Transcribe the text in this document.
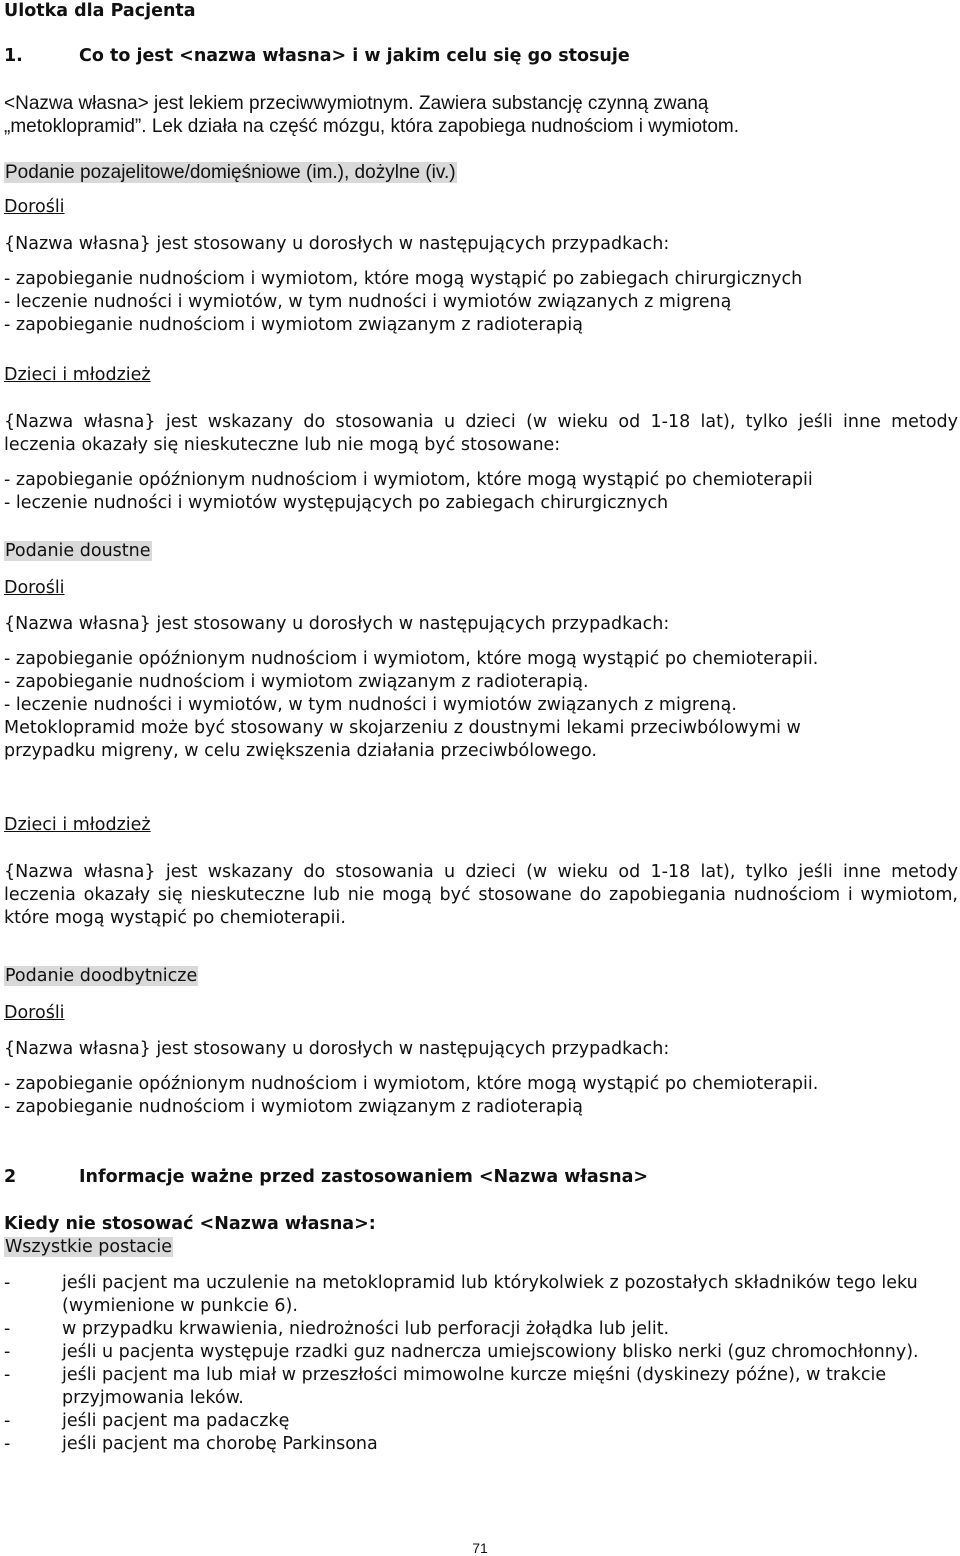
Ulotka dla Pacjenta
1.	Co to jest <nazwa własna> i w jakim celu się go stosuje
<Nazwa własna> jest lekiem przeciwwymiotnym. Zawiera substancję czynną zwaną
„metoklopramid”. Lek działa na część mózgu, która zapobiega nudnościom i wymiotom.
Podanie pozajelitowe/domięśniowe (im.), dożylne (iv.)
Dorośli
{Nazwa własna} jest stosowany u dorosłych w następujących przypadkach:
- zapobieganie nudnościom i wymiotom, które mogą wystąpić po zabiegach chirurgicznych
- leczenie nudności i wymiotów, w tym nudności i wymiotów związanych z migreną
- zapobieganie nudnościom i wymiotom związanym z radioterapią
Dzieci i młodzież
{Nazwa własna} jest wskazany do stosowania u dzieci (w wieku od 1-18 lat), tylko jeśli inne metody leczenia okazały się nieskuteczne lub nie mogą być stosowane:
- zapobieganie opóźnionym nudnościom i wymiotom, które mogą wystąpić po chemioterapii
- leczenie nudności i wymiotów występujących po zabiegach chirurgicznych
Podanie doustne
Dorośli
{Nazwa własna} jest stosowany u dorosłych w następujących przypadkach:
- zapobieganie opóźnionym nudnościom i wymiotom, które mogą wystąpić po chemioterapii.
- zapobieganie nudnościom i wymiotom związanym z radioterapią.
- leczenie nudności i wymiotów, w tym nudności i wymiotów związanych z migreną.
Metoklopramid może być stosowany w skojarzeniu z doustnymi lekami przeciwbólowymi w
przypadku migreny, w celu zwiększenia działania przeciwbólowego.
Dzieci i młodzież
{Nazwa własna} jest wskazany do stosowania u dzieci (w wieku od 1-18 lat), tylko jeśli inne metody leczenia okazały się nieskuteczne lub nie mogą być stosowane do zapobiegania nudnościom i wymiotom, które mogą wystąpić po chemioterapii.
Podanie doodbytnicze
Dorośli
{Nazwa własna} jest stosowany u dorosłych w następujących przypadkach:
- zapobieganie opóźnionym nudnościom i wymiotom, które mogą wystąpić po chemioterapii.
- zapobieganie nudnościom i wymiotom związanym z radioterapią
2	Informacje ważne przed zastosowaniem <Nazwa własna>
Kiedy nie stosować <Nazwa własna>:
Wszystkie postacie
-	jeśli pacjent ma uczulenie na metoklopramid lub którykolwiek z pozostałych składników tego leku (wymienione w punkcie 6).
-	w przypadku krwawienia, niedrożności lub perforacji żołądka lub jelit.
-	jeśli u pacjenta występuje rzadki guz nadnercza umiejscowiony blisko nerki (guz chromochłonny).
-	jeśli pacjent ma lub miał w przeszłości mimowolne kurcze mięśni (dyskinezy późne), w trakcie przyjmowania leków.
-	jeśli pacjent ma padaczkę
-	jeśli pacjent ma chorobę Parkinsona
71
